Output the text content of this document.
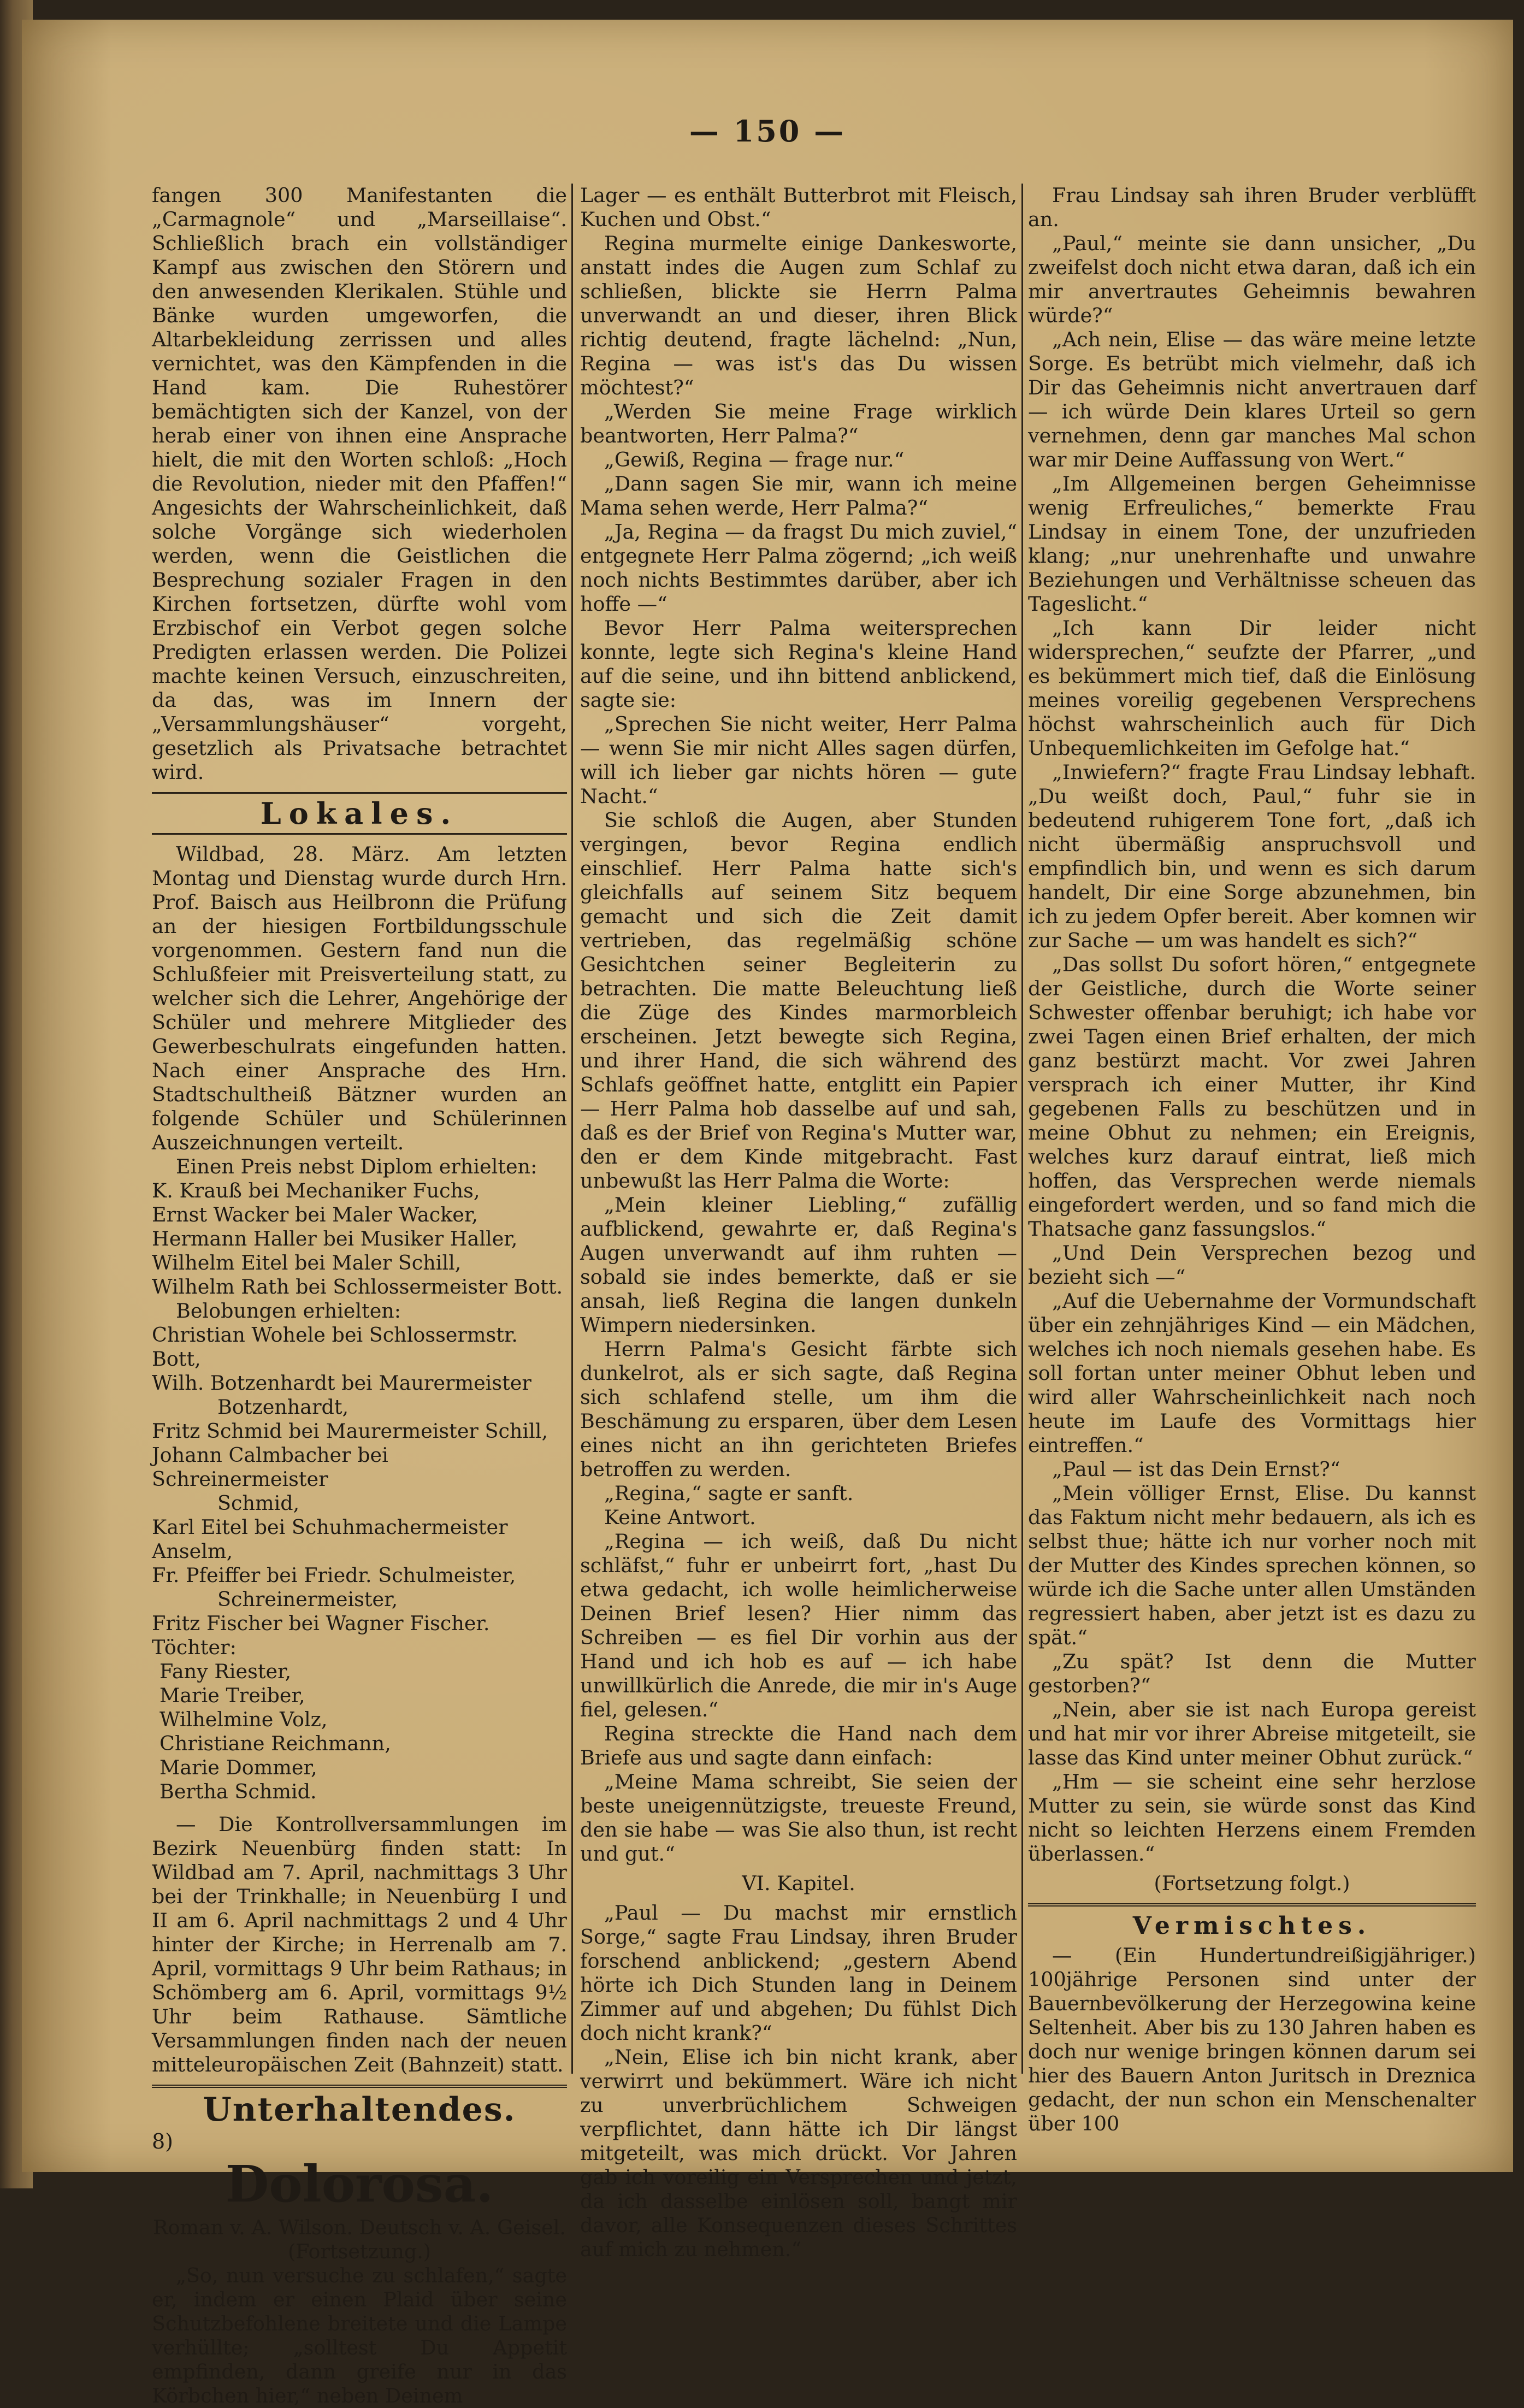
— 150 —

fangen 300 Manifestanten die „Carmagnole“ und „Marseillaise“. Schließlich brach ein vollständiger Kampf aus zwischen den Störern und den anwesenden Klerikalen. Stühle und Bänke wurden umgeworfen, die Altarbekleidung zerrissen und alles vernichtet, was den Kämpfenden in die Hand kam. Die Ruhestörer bemächtigten sich der Kanzel, von der herab einer von ihnen eine Ansprache hielt, die mit den Worten schloß: „Hoch die Revolution, nieder mit den Pfaffen!“ Angesichts der Wahrscheinlichkeit, daß solche Vorgänge sich wiederholen werden, wenn die Geistlichen die Besprechung sozialer Fragen in den Kirchen fortsetzen, dürfte wohl vom Erzbischof ein Verbot gegen solche Predigten erlassen werden. Die Polizei machte keinen Versuch, einzuschreiten, da das, was im Innern der „Versammlungshäuser“ vorgeht, gesetzlich als Privatsache betrachtet wird.

Lokales.

Wildbad, 28. März. Am letzten Montag und Dienstag wurde durch Hrn. Prof. Baisch aus Heilbronn die Prüfung an der hiesigen Fortbildungsschule vorgenommen. Gestern fand nun die Schlußfeier mit Preisverteilung statt, zu welcher sich die Lehrer, Angehörige der Schüler und mehrere Mitglieder des Gewerbeschulrats eingefunden hatten. Nach einer Ansprache des Hrn. Stadtschultheiß Bätzner wurden an folgende Schüler und Schülerinnen Auszeichnungen verteilt.

Einen Preis nebst Diplom erhielten:

K. Krauß bei Mechaniker Fuchs,

Ernst Wacker bei Maler Wacker,

Hermann Haller bei Musiker Haller,

Wilhelm Eitel bei Maler Schill,

Wilhelm Rath bei Schlossermeister Bott.

Belobungen erhielten:

Christian Wohele bei Schlossermstr. Bott,

Wilh. Botzenhardt bei Maurermeister

Botzenhardt,

Fritz Schmid bei Maurermeister Schill,

Johann Calmbacher bei Schreinermeister

Schmid,

Karl Eitel bei Schuhmachermeister Anselm,

Fr. Pfeiffer bei Friedr. Schulmeister,

Schreinermeister,

Fritz Fischer bei Wagner Fischer.

Töchter:

Fany Riester,

Marie Treiber,

Wilhelmine Volz,

Christiane Reichmann,

Marie Dommer,

Bertha Schmid.

— Die Kontrollversammlungen im Bezirk Neuenbürg finden statt: In Wildbad am 7. April, nachmittags 3 Uhr bei der Trinkhalle; in Neuenbürg I und II am 6. April nachmittags 2 und 4 Uhr hinter der Kirche; in Herrenalb am 7. April, vormittags 9 Uhr beim Rathaus; in Schömberg am 6. April, vormittags 9½ Uhr beim Rathause. Sämtliche Versammlungen finden nach der neuen mitteleuropäischen Zeit (Bahnzeit) statt.

Unterhaltendes.
8)
Dolorosa.

Roman v. A. Wilson. Deutsch v. A. Geisel.

(Fortsetzung.)

„So, nun versuche zu schlafen,“ sagte er, indem er einen Plaid über seine Schutzbefohlene breitete und die Lampe verhüllte; „solltest Du Appetit empfinden, dann greife nur in das Körbchen hier,“ neben Deinem

Lager — es enthält Butterbrot mit Fleisch, Kuchen und Obst.“

Regina murmelte einige Dankesworte, anstatt indes die Augen zum Schlaf zu schließen, blickte sie Herrn Palma unverwandt an und dieser, ihren Blick richtig deutend, fragte lächelnd: „Nun, Regina — was ist's das Du wissen möchtest?“

„Werden Sie meine Frage wirklich beantworten, Herr Palma?“

„Gewiß, Regina — frage nur.“

„Dann sagen Sie mir, wann ich meine Mama sehen werde, Herr Palma?“

„Ja, Regina — da fragst Du mich zuviel,“ entgegnete Herr Palma zögernd; „ich weiß noch nichts Bestimmtes darüber, aber ich hoffe —“

Bevor Herr Palma weitersprechen konnte, legte sich Regina's kleine Hand auf die seine, und ihn bittend anblickend, sagte sie:

„Sprechen Sie nicht weiter, Herr Palma — wenn Sie mir nicht Alles sagen dürfen, will ich lieber gar nichts hören — gute Nacht.“

Sie schloß die Augen, aber Stunden vergingen, bevor Regina endlich einschlief. Herr Palma hatte sich's gleichfalls auf seinem Sitz bequem gemacht und sich die Zeit damit vertrieben, das regelmäßig schöne Gesichtchen seiner Begleiterin zu betrachten. Die matte Beleuchtung ließ die Züge des Kindes marmorbleich erscheinen. Jetzt bewegte sich Regina, und ihrer Hand, die sich während des Schlafs geöffnet hatte, entglitt ein Papier — Herr Palma hob dasselbe auf und sah, daß es der Brief von Regina's Mutter war, den er dem Kinde mitgebracht. Fast unbewußt las Herr Palma die Worte:

„Mein kleiner Liebling,“ zufällig aufblickend, gewahrte er, daß Regina's Augen unverwandt auf ihm ruhten — sobald sie indes bemerkte, daß er sie ansah, ließ Regina die langen dunkeln Wimpern niedersinken.

Herrn Palma's Gesicht färbte sich dunkelrot, als er sich sagte, daß Regina sich schlafend stelle, um ihm die Beschämung zu ersparen, über dem Lesen eines nicht an ihn gerichteten Briefes betroffen zu werden.

„Regina,“ sagte er sanft.

Keine Antwort.

„Regina — ich weiß, daß Du nicht schläfst,“ fuhr er unbeirrt fort, „hast Du etwa gedacht, ich wolle heimlicherweise Deinen Brief lesen? Hier nimm das Schreiben — es fiel Dir vorhin aus der Hand und ich hob es auf — ich habe unwillkürlich die Anrede, die mir in's Auge fiel, gelesen.“

Regina streckte die Hand nach dem Briefe aus und sagte dann einfach:

„Meine Mama schreibt, Sie seien der beste uneigennützigste, treueste Freund, den sie habe — was Sie also thun, ist recht und gut.“

VI. Kapitel.

„Paul — Du machst mir ernstlich Sorge,“ sagte Frau Lindsay, ihren Bruder forschend anblickend; „gestern Abend hörte ich Dich Stunden lang in Deinem Zimmer auf und abgehen; Du fühlst Dich doch nicht krank?“

„Nein, Elise ich bin nicht krank, aber verwirrt und bekümmert. Wäre ich nicht zu unverbrüchlichem Schweigen verpflichtet, dann hätte ich Dir längst mitgeteilt, was mich drückt. Vor Jahren gab ich voreilig ein Versprechen und jetzt, da ich dasselbe einlösen soll, bangt mir davor, alle Konsequenzen dieses Schrittes auf mich zu nehmen.“

Frau Lindsay sah ihren Bruder verblüfft an.

„Paul,“ meinte sie dann unsicher, „Du zweifelst doch nicht etwa daran, daß ich ein mir anvertrautes Geheimnis bewahren würde?“

„Ach nein, Elise — das wäre meine letzte Sorge. Es betrübt mich vielmehr, daß ich Dir das Geheimnis nicht anvertrauen darf — ich würde Dein klares Urteil so gern vernehmen, denn gar manches Mal schon war mir Deine Auffassung von Wert.“

„Im Allgemeinen bergen Geheimnisse wenig Erfreuliches,“ bemerkte Frau Lindsay in einem Tone, der unzufrieden klang; „nur unehrenhafte und unwahre Beziehungen und Verhältnisse scheuen das Tageslicht.“

„Ich kann Dir leider nicht widersprechen,“ seufzte der Pfarrer, „und es bekümmert mich tief, daß die Einlösung meines voreilig gegebenen Versprechens höchst wahrscheinlich auch für Dich Unbequemlichkeiten im Gefolge hat.“

„Inwiefern?“ fragte Frau Lindsay lebhaft. „Du weißt doch, Paul,“ fuhr sie in bedeutend ruhigerem Tone fort, „daß ich nicht übermäßig anspruchsvoll und empfindlich bin, und wenn es sich darum handelt, Dir eine Sorge abzunehmen, bin ich zu jedem Opfer bereit. Aber komnen wir zur Sache — um was handelt es sich?“

„Das sollst Du sofort hören,“ entgegnete der Geistliche, durch die Worte seiner Schwester offenbar beruhigt; ich habe vor zwei Tagen einen Brief erhalten, der mich ganz bestürzt macht. Vor zwei Jahren versprach ich einer Mutter, ihr Kind gegebenen Falls zu beschützen und in meine Obhut zu nehmen; ein Ereignis, welches kurz darauf eintrat, ließ mich hoffen, das Versprechen werde niemals eingefordert werden, und so fand mich die Thatsache ganz fassungslos.“

„Und Dein Versprechen bezog und bezieht sich —“

„Auf die Uebernahme der Vormundschaft über ein zehnjähriges Kind — ein Mädchen, welches ich noch niemals gesehen habe. Es soll fortan unter meiner Obhut leben und wird aller Wahrscheinlichkeit nach noch heute im Laufe des Vormittags hier eintreffen.“

„Paul — ist das Dein Ernst?“

„Mein völliger Ernst, Elise. Du kannst das Faktum nicht mehr bedauern, als ich es selbst thue; hätte ich nur vorher noch mit der Mutter des Kindes sprechen können, so würde ich die Sache unter allen Umständen regressiert haben, aber jetzt ist es dazu zu spät.“

„Zu spät? Ist denn die Mutter gestorben?“

„Nein, aber sie ist nach Europa gereist und hat mir vor ihrer Abreise mitgeteilt, sie lasse das Kind unter meiner Obhut zurück.“

„Hm — sie scheint eine sehr herzlose Mutter zu sein, sie würde sonst das Kind nicht so leichten Herzens einem Fremden überlassen.“

(Fortsetzung folgt.)
Vermischtes.

— (Ein Hundertundreißigjähriger.) 100jährige Personen sind unter der Bauernbevölkerung der Herzegowina keine Seltenheit. Aber bis zu 130 Jahren haben es doch nur wenige bringen können darum sei hier des Bauern Anton Juritsch in Dreznica gedacht, der nun schon ein Menschenalter über 100
